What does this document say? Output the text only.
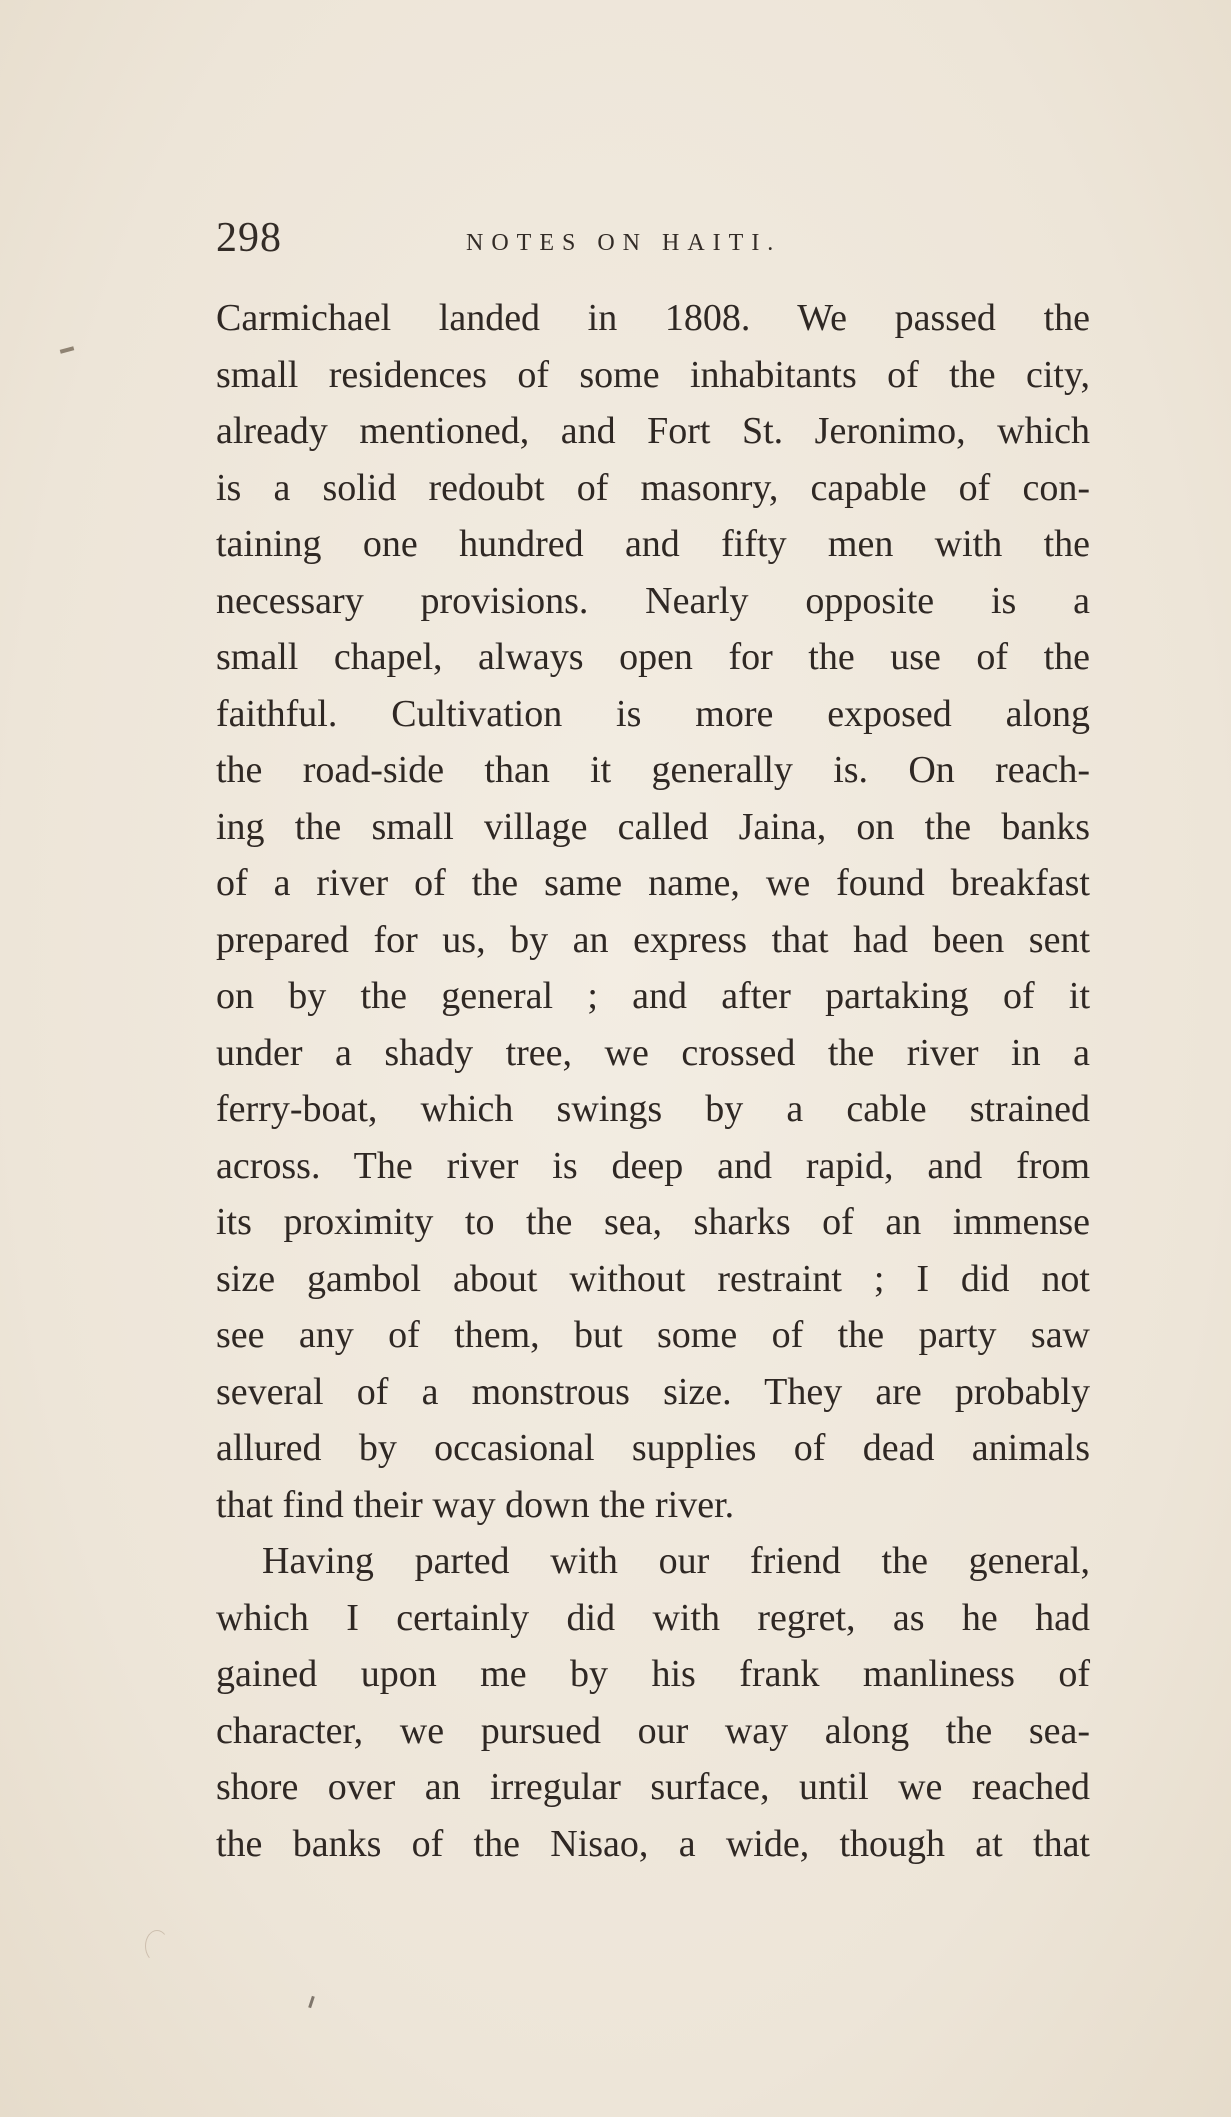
298	NOTES ON HAITI.
Carmichael landed in 1808. We passed the
small residences of some inhabitants of the city,
already mentioned, and Fort St. Jeronimo, which
is a solid redoubt of masonry, capable of con-
taining one hundred and fifty men with the
necessary provisions. Nearly opposite is a
small chapel, always open for the use of the
faithful. Cultivation is more exposed along
the road-side than it generally is. On reach-
ing the small village called Jaina, on the banks
of a river of the same name, we found breakfast
prepared for us, by an express that had been sent
on by the general ; and after partaking of it
under a shady tree, we crossed the river in a
ferry-boat, which swings by a cable strained
across. The river is deep and rapid, and from
its proximity to the sea, sharks of an immense
size gambol about without restraint ; I did not
see any of them, but some of the party saw
several of a monstrous size. They are probably
allured by occasional supplies of dead animals
that find their way down the river.
Having parted with our friend the general,
which I certainly did with regret, as he had
gained upon me by his frank manliness of
character, we pursued our way along the sea-
shore over an irregular surface, until we reached
the banks of the Nisao, a wide, though at that
